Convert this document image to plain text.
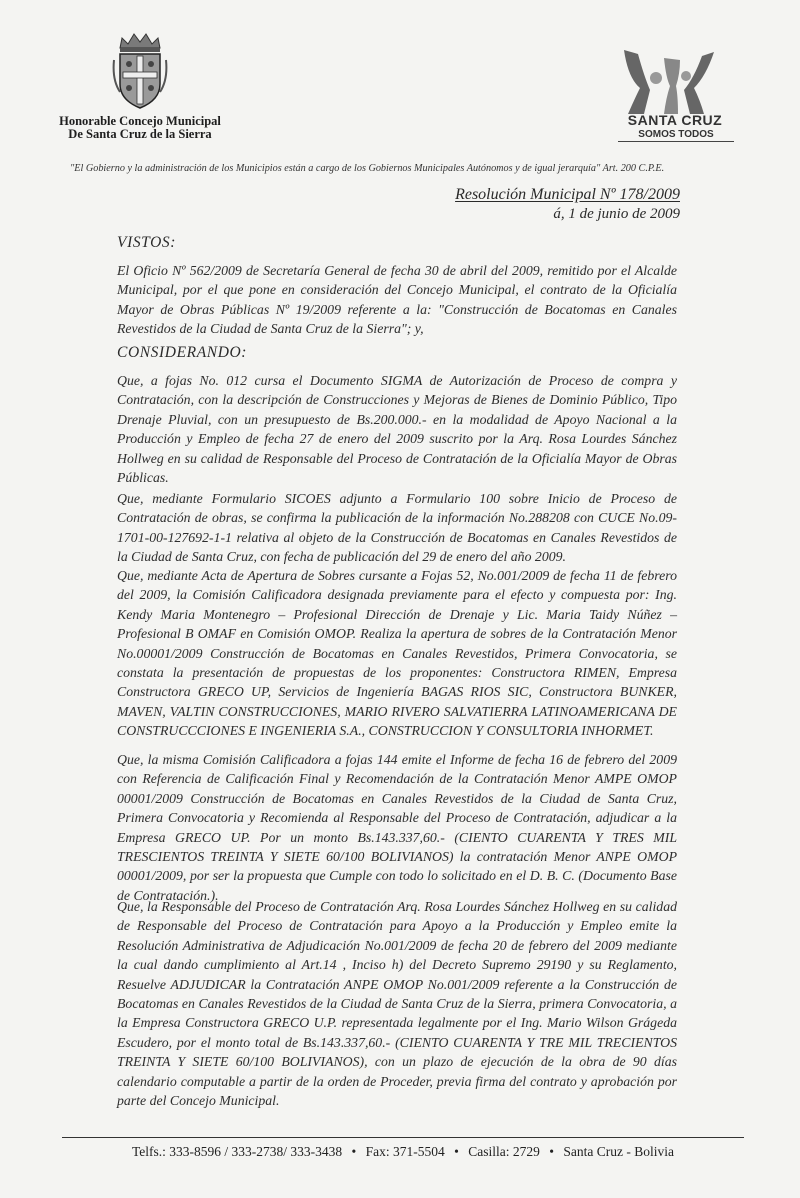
Honorable Concejo Municipal
De Santa Cruz de la Sierra
SANTA CRUZ
SOMOS TODOS
"El Gobierno y la administración de los Municipios están a cargo de los Gobiernos Municipales Autónomos y de igual jerarquía" Art. 200 C.P.E.
Resolución Municipal Nº 178/2009
á, 1 de junio de 2009
VISTOS:
El Oficio Nº 562/2009 de Secretaría General de fecha 30 de abril del 2009, remitido por el Alcalde Municipal, por el que pone en consideración del Concejo Municipal, el contrato de la Oficialía Mayor de Obras Públicas Nº 19/2009 referente a la: "Construcción de Bocatomas en Canales Revestidos de la Ciudad de Santa Cruz de la Sierra"; y,
CONSIDERANDO:
Que, a fojas No. 012 cursa el Documento SIGMA de Autorización de Proceso de compra y Contratación, con la descripción de Construcciones y Mejoras de Bienes de Dominio Público, Tipo Drenaje Pluvial, con un presupuesto de Bs.200.000.- en la modalidad de Apoyo Nacional a la Producción y Empleo de fecha 27 de enero del 2009 suscrito por la Arq. Rosa Lourdes Sánchez Hollweg en su calidad de Responsable del Proceso de Contratación de la Oficialía Mayor de Obras Públicas.
Que, mediante Formulario SICOES adjunto a Formulario 100 sobre Inicio de Proceso de Contratación de obras, se confirma la publicación de la información No.288208 con CUCE No.09-1701-00-127692-1-1 relativa al objeto de la Construcción de Bocatomas en Canales Revestidos de la Ciudad de Santa Cruz, con fecha de publicación del 29 de enero del año 2009.
Que, mediante Acta de Apertura de Sobres cursante a Fojas 52, No.001/2009 de fecha 11 de febrero del 2009, la Comisión Calificadora designada previamente para el efecto y compuesta por: Ing. Kendy Maria Montenegro – Profesional Dirección de Drenaje y Lic. Maria Taidy Núñez – Profesional B OMAF en Comisión OMOP. Realiza la apertura de sobres de la Contratación Menor No.00001/2009 Construcción de Bocatomas en Canales Revestidos, Primera Convocatoria, se constata la presentación de propuestas de los proponentes: Constructora RIMEN, Empresa Constructora GRECO UP, Servicios de Ingeniería BAGAS RIOS SIC, Constructora BUNKER, MAVEN, VALTIN CONSTRUCCIONES, MARIO RIVERO SALVATIERRA LATINOAMERICANA DE CONSTRUCCCIONES E INGENIERIA S.A., CONSTRUCCION Y CONSULTORIA INHORMET.
Que, la misma Comisión Calificadora a fojas 144 emite el Informe de fecha 16 de febrero del 2009 con Referencia de Calificación Final y Recomendación de la Contratación Menor AMPE OMOP 00001/2009 Construcción de Bocatomas en Canales Revestidos de la Ciudad de Santa Cruz, Primera Convocatoria y Recomienda al Responsable del Proceso de Contratación, adjudicar a la Empresa GRECO UP. Por un monto Bs.143.337,60.- (CIENTO CUARENTA Y TRES MIL TRESCIENTOS TREINTA Y SIETE 60/100 BOLIVIANOS) la contratación Menor ANPE OMOP 00001/2009, por ser la propuesta que Cumple con todo lo solicitado en el D. B. C. (Documento Base de Contratación.).
Que, la Responsable del Proceso de Contratación Arq. Rosa Lourdes Sánchez Hollweg en su calidad de Responsable del Proceso de Contratación para Apoyo a la Producción y Empleo emite la Resolución Administrativa de Adjudicación No.001/2009 de fecha 20 de febrero del 2009 mediante la cual dando cumplimiento al Art.14 , Inciso h) del Decreto Supremo 29190 y su Reglamento, Resuelve ADJUDICAR la Contratación ANPE OMOP No.001/2009 referente a la Construcción de Bocatomas en Canales Revestidos de la Ciudad de Santa Cruz de la Sierra, primera Convocatoria, a la Empresa Constructora GRECO U.P. representada legalmente por el Ing. Mario Wilson Grágeda Escudero, por el monto total de Bs.143.337,60.- (CIENTO CUARENTA Y TRE MIL TRECIENTOS TREINTA Y SIETE 60/100 BOLIVIANOS), con un plazo de ejecución de la obra de 90 días calendario computable a partir de la orden de Proceder, previa firma del contrato y aprobación por parte del Concejo Municipal.
Telfs.: 333-8596 / 333-2738/ 333-3438 • Fax: 371-5504 • Casilla: 2729 • Santa Cruz - Bolivia
